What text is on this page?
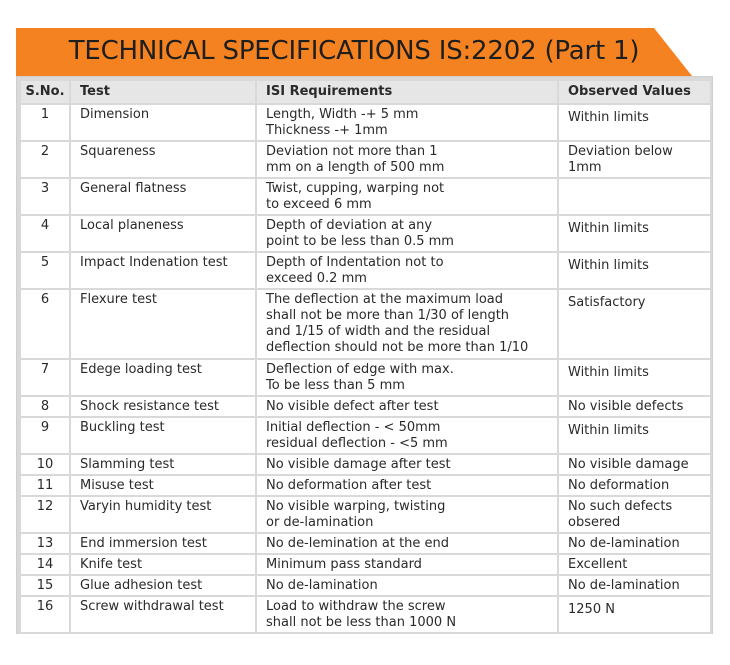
TECHNICAL SPECIFICATIONS IS:2202 (Part 1)
S.No.	Test	ISI Requirements	Observed Values
1	Dimension	Length, Width -+ 5 mm
Thickness -+ 1mm	Within limits

2	Squareness	Deviation not more than 1
mm on a length of 500 mm	Deviation below
1mm

3	General flatness	Twist, cupping, warping not
to exceed 6 mm	

4	Local planeness	Depth of deviation at any
point to be less than 0.5 mm	Within limits

5	Impact Indenation test	Depth of Indentation not to
exceed 0.2 mm	Within limits

6	Flexure test	The deflection at the maximum load
shall not be more than 1/30 of length
and 1/15 of width and the residual
deflection should not be more than 1/10	Satisfactory

7	Edege loading test	Deflection of edge with max.
To be less than 5 mm	Within limits

8	Shock resistance test	No visible defect after test	No visible defects

9	Buckling test	Initial deflection - < 50mm
residual deflection - <5 mm	Within limits

10	Slamming test	No visible damage after test	No visible damage

11	Misuse test	No deformation after test	No deformation

12	Varyin humidity test	No visible warping, twisting
or de-lamination	No such defects
obsered

13	End immersion test	No de-lemination at the end	No de-lamination

14	Knife test	Minimum pass standard	Excellent

15	Glue adhesion test	No de-lamination	No de-lamination

16	Screw withdrawal test	Load to withdraw the screw
shall not be less than 1000 N	1250 N
